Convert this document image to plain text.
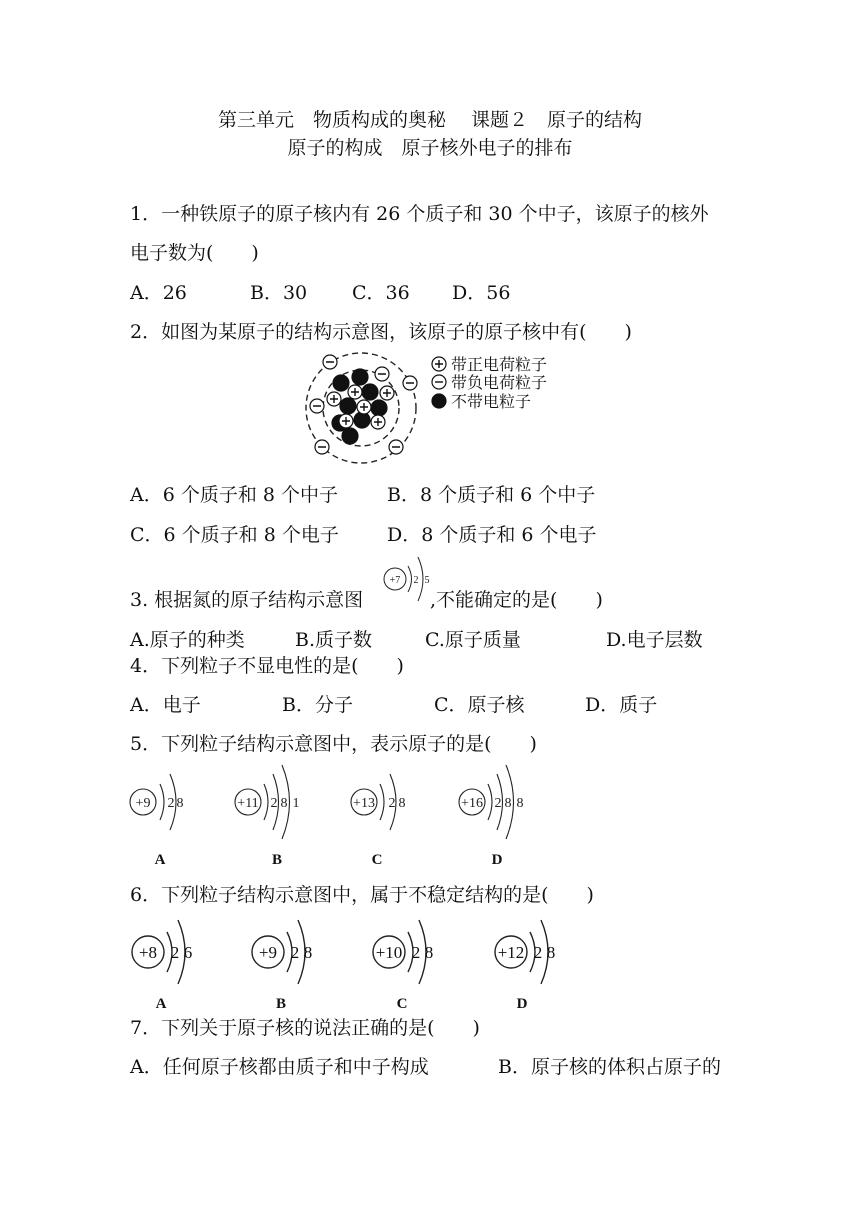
第三单元　物质构成的奥秘　 课题２　原子的结构
原子的构成　原子核外电子的排布
1．一种铁原子的原子核内有 26 个质子和 30 个中子，该原子的核外
电子数为(　　)
A．26	B．30 C．36 D．56
2．如图为某原子的结构示意图，该原子的原子核中有(　　)
带正电荷粒子
带负电荷粒子
不带电粒子
A．6 个质子和 8 个中子	B．8 个质子和 6 个中子
C．6 个质子和 8 个电子	D．8 个质子和 6 个电子
3. 根据氮的原子结构示意图
+7 2 5
,不能确定的是(　　)
A.原子的种类	B.质子数	C.原子质量	D.电子层数
4．下列粒子不显电性的是(　　)
A．电子	B．分子	C．原子核	D．质子
5．下列粒子结构示意图中，表示原子的是(　　)
+9 2 8	+11 2 8 1	+13 2 8	+16 2 8 8
A	B	C	D
6．下列粒子结构示意图中，属于不稳定结构的是(　　)
+8 2 6	+9 2 8	+10 2 8	+12 2 8
A	B	C	D
7．下列关于原子核的说法正确的是(　　)
A．任何原子核都由质子和中子构成	B．原子核的体积占原子的
